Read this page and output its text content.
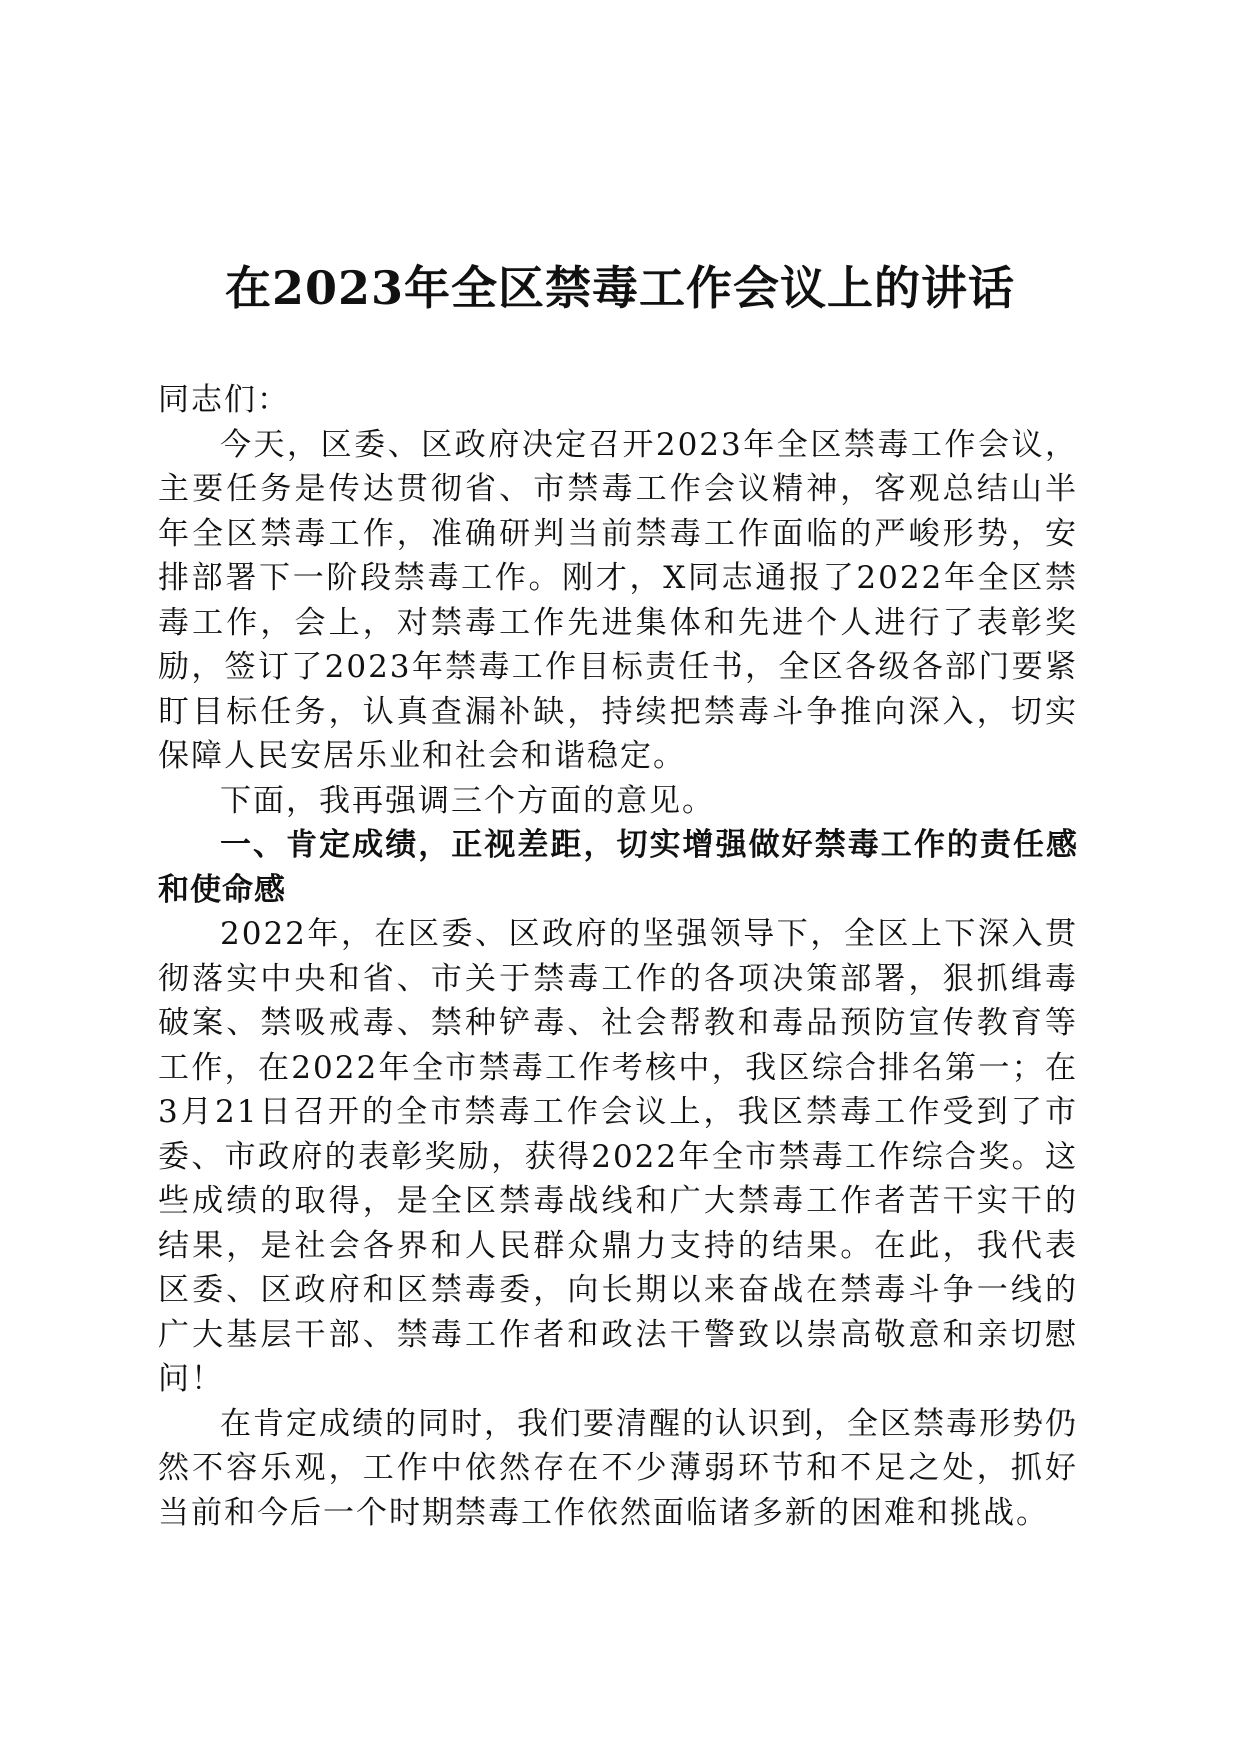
在2023年全区禁毒工作会议上的讲话

同志们：

今天，区委、区政府决定召开2023年全区禁毒工作会议，主要任务是传达贯彻省、市禁毒工作会议精神，客观总结山半年全区禁毒工作，准确研判当前禁毒工作面临的严峻形势，安排部署下一阶段禁毒工作。刚才，X同志通报了2022年全区禁毒工作，会上，对禁毒工作先进集体和先进个人进行了表彰奖励，签订了2023年禁毒工作目标责任书，全区各级各部门要紧盯目标任务，认真查漏补缺，持续把禁毒斗争推向深入，切实保障人民安居乐业和社会和谐稳定。

下面，我再强调三个方面的意见。

一、肯定成绩，正视差距，切实增强做好禁毒工作的责任感和使命感

2022年，在区委、区政府的坚强领导下，全区上下深入贯彻落实中央和省、市关于禁毒工作的各项决策部署，狠抓缉毒破案、禁吸戒毒、禁种铲毒、社会帮教和毒品预防宣传教育等工作，在2022年全市禁毒工作考核中，我区综合排名第一；在3月21日召开的全市禁毒工作会议上，我区禁毒工作受到了市委、市政府的表彰奖励，获得2022年全市禁毒工作综合奖。这些成绩的取得，是全区禁毒战线和广大禁毒工作者苦干实干的结果，是社会各界和人民群众鼎力支持的结果。在此，我代表区委、区政府和区禁毒委，向长期以来奋战在禁毒斗争一线的广大基层干部、禁毒工作者和政法干警致以崇高敬意和亲切慰问！

在肯定成绩的同时，我们要清醒的认识到，全区禁毒形势仍然不容乐观，工作中依然存在不少薄弱环节和不足之处，抓好当前和今后一个时期禁毒工作依然面临诸多新的困难和挑战。
